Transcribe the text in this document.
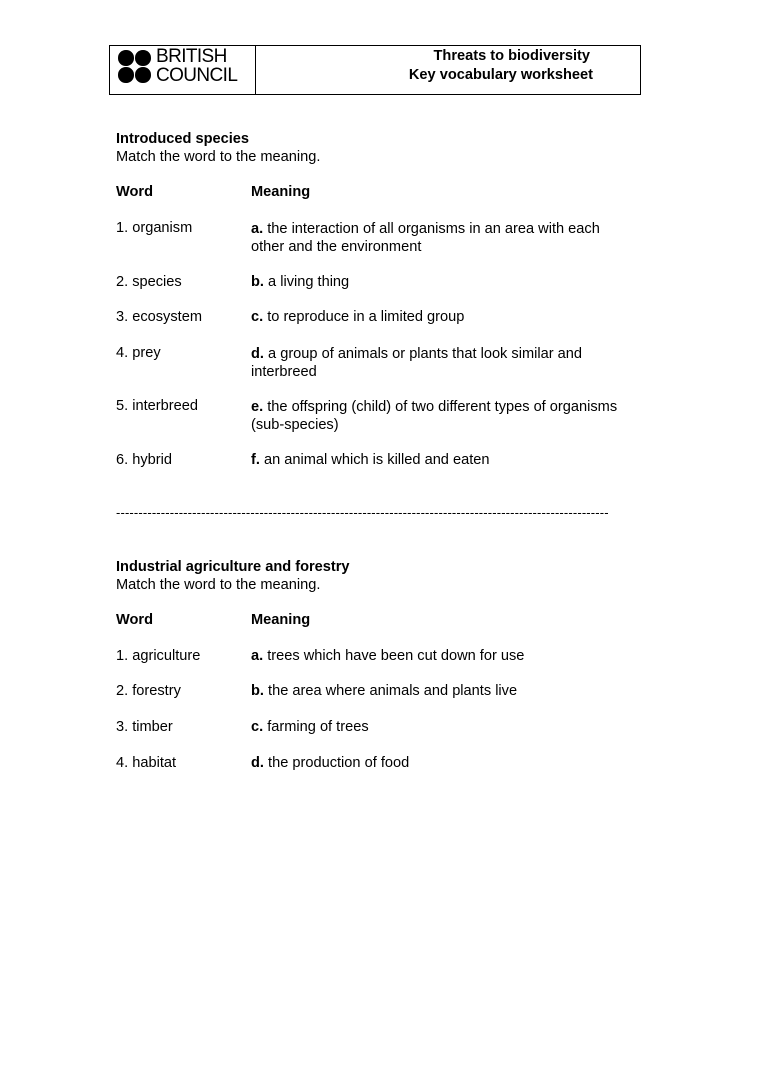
BRITISH
COUNCIL
Threats to biodiversity
Key vocabulary worksheet
Introduced species
Match the word to the meaning.
Word	Meaning
1. organism	a. the interaction of all organisms in an area with each
other and the environment
2. species	b. a living thing
3. ecosystem	c. to reproduce in a limited group
4. prey	d. a group of animals or plants that look similar and
interbreed
5. interbreed	e. the offspring (child) of two different types of organisms
(sub-species)
6. hybrid	f. an animal which is killed and eaten
--------------------------------------------------------------------------------------------------------------
Industrial agriculture and forestry
Match the word to the meaning.
Word	Meaning
1. agriculture	a. trees which have been cut down for use
2. forestry	b. the area where animals and plants live
3. timber	c. farming of trees
4. habitat	d. the production of food
